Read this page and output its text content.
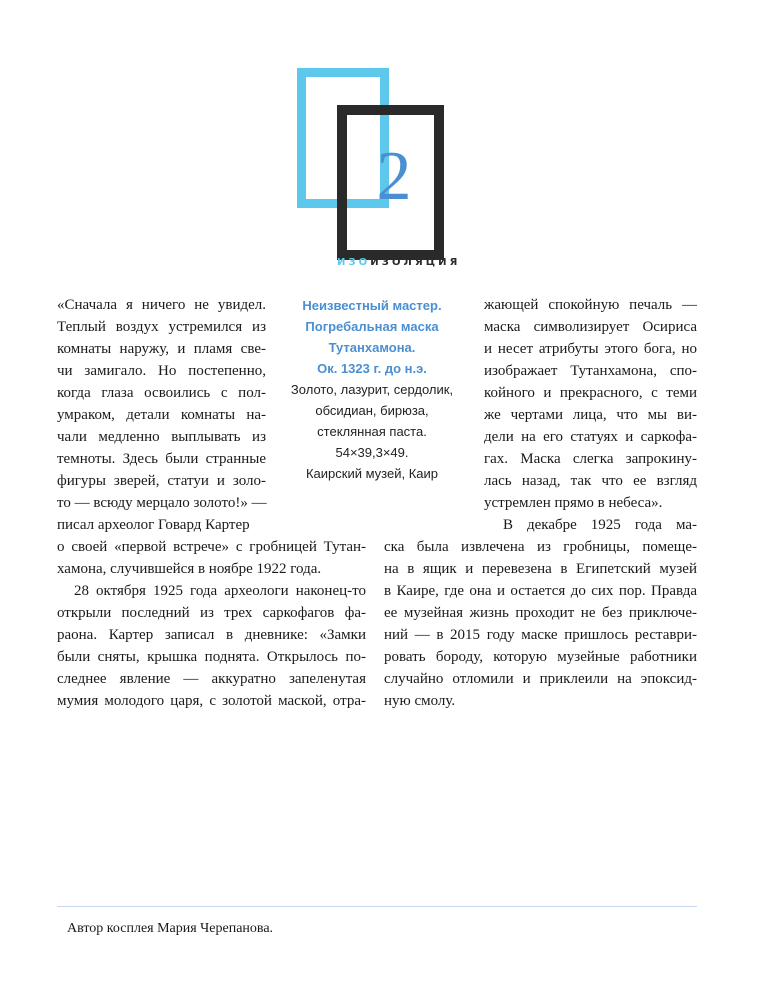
2
ИЗОИЗОЛЯЦИЯ
«Сначала я ничего не увидел.
Теплый воздух устремился из
комнаты наружу, и пламя све-
чи замигало. Но постепенно,
когда глаза освоились с пол-
умраком, детали комнаты на-
чали медленно выплывать из
темноты. Здесь были странные
фигуры зверей, статуи и золо-
то — всюду мерцало золото!» —
писал археолог Говард Картер
о своей «первой встрече» с гробницей Тутан-
хамона, случившейся в ноябре 1922 года.
28 октября 1925 года археологи наконец-то
открыли последний из трех саркофагов фа-
раона. Картер записал в дневнике: «Замки
были сняты, крышка поднята. Открылось по-
следнее явление — аккуратно запеленутая
мумия молодого царя, с золотой маской, отра-
Неизвестный мастер.
Погребальная маска
Тутанхамона.
Ок. 1323 г. до н.э.
Золото, лазурит, сердолик,
обсидиан, бирюза,
стеклянная паста.
54×39,3×49.
Каирский музей, Каир
жающей спокойную печаль —
маска символизирует Осириса
и несет атрибуты этого бога, но
изображает Тутанхамона, спо-
койного и прекрасного, с теми
же чертами лица, что мы ви-
дели на его статуях и саркофа-
гах. Маска слегка запрокину-
лась назад, так что ее взгляд
устремлен прямо в небеса».
В декабре 1925 года ма-
ска была извлечена из гробницы, помеще-
на в ящик и перевезена в Египетский музей
в Каире, где она и остается до сих пор. Правда
ее музейная жизнь проходит не без приключе-
ний — в 2015 году маске пришлось реставри-
ровать бороду, которую музейные работники
случайно отломили и приклеили на эпоксид-
ную смолу.
Автор косплея Мария Черепанова.
